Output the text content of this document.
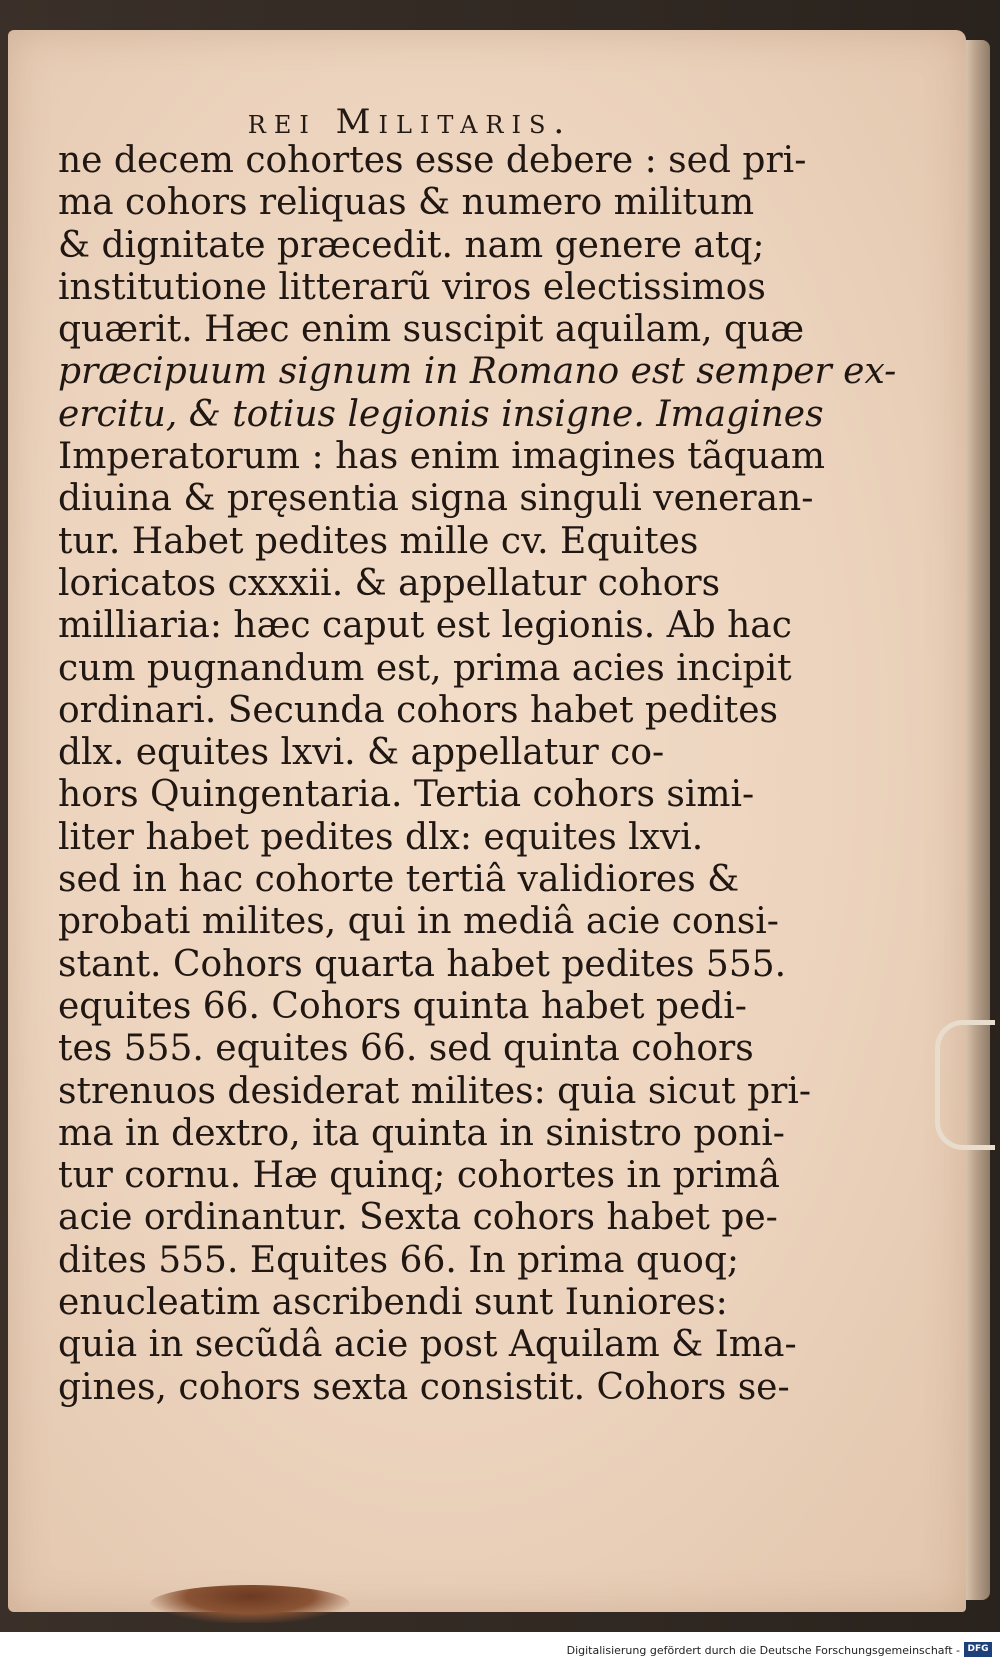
rei Militaris.
ne decem cohortes esse debere : sed pri-
ma cohors reliquas & numero militum
& dignitate præcedit. nam genere atq;
institutione litterarũ viros electissimos
quærit. Hæc enim suscipit aquilam, quæ
præcipuum signum in Romano est semper ex-
ercitu, & totius legionis insigne. Imagines
Imperatorum : has enim imagines tãquam
diuina & pręsentia signa singuli veneran-
tur. Habet pedites mille cv. Equites
loricatos cxxxii. & appellatur cohors
milliaria: hæc caput est legionis. Ab hac
cum pugnandum est, prima acies incipit
ordinari. Secunda cohors habet pedites
dlx. equites lxvi. & appellatur co-
hors Quingentaria. Tertia cohors simi-
liter habet pedites dlx: equites lxvi.
sed in hac cohorte tertiâ validiores &
probati milites, qui in mediâ acie consi-
stant. Cohors quarta habet pedites 555.
equites 66. Cohors quinta habet pedi-
tes 555. equites 66. sed quinta cohors
strenuos desiderat milites: quia sicut pri-
ma in dextro, ita quinta in sinistro poni-
tur cornu. Hæ quinq; cohortes in primâ
acie ordinantur. Sexta cohors habet pe-
dites 555. Equites 66. In prima quoq;
enucleatim ascribendi sunt Iuniores:
quia in secũdâ acie post Aquilam & Ima-
gines, cohors sexta consistit. Cohors se-
Digitalisierung gefördert durch die Deutsche Forschungsgemeinschaft - DFG
